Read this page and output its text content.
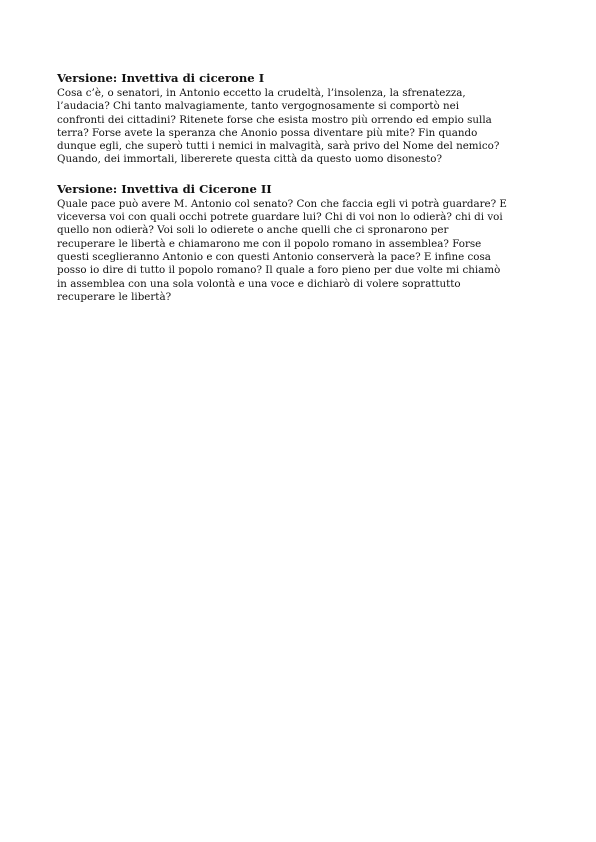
Versione: Invettiva di cicerone I

Cosa c’è, o senatori, in Antonio eccetto la crudeltà, l’insolenza, la sfrenatezza,
l’audacia? Chi tanto malvagiamente, tanto vergognosamente si comportò nei
confronti dei cittadini? Ritenete forse che esista mostro più orrendo ed empio sulla
terra? Forse avete la speranza che Anonio possa diventare più mite? Fin quando
dunque egli, che superò tutti i nemici in malvagità, sarà privo del Nome del nemico?
Quando, dei immortali, libererete questa città da questo uomo disonesto?

Versione: Invettiva di Cicerone II

Quale pace può avere M. Antonio col senato? Con che faccia egli vi potrà guardare? E
viceversa voi con quali occhi potrete guardare lui? Chi di voi non lo odierà? chi di voi
quello non odierà? Voi soli lo odierete o anche quelli che ci spronarono per
recuperare le libertà e chiamarono me con il popolo romano in assemblea? Forse
questi sceglieranno Antonio e con questi Antonio conserverà la pace? E infine cosa
posso io dire di tutto il popolo romano? Il quale a foro pieno per due volte mi chiamò
in assemblea con una sola volontà e una voce e dichiarò di volere soprattutto
recuperare le libertà?
